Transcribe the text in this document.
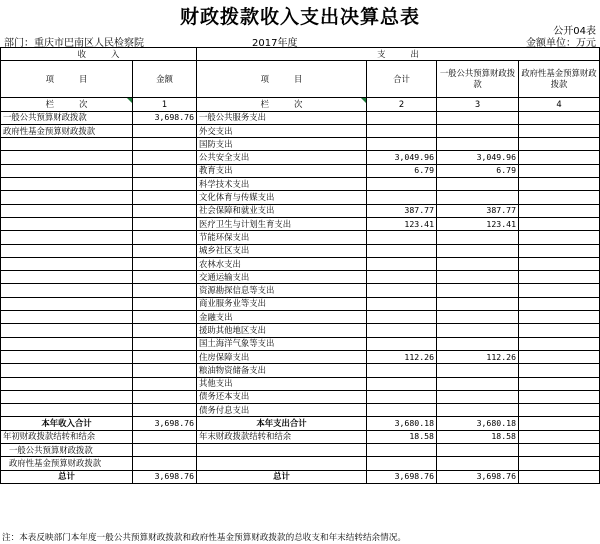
财政拨款收入支出决算总表
公开04表
部门：重庆市巴南区人民检察院	2017年度	金额单位：万元
收　　　入		支　　　出			
项　　　目	金额	项　　　目	合计	一般公共预算财政拨款	政府性基金预算财政拨款
栏　　　次	1	栏　　　次	2	3	4
一般公共预算财政拨款	3,698.76	一般公共服务支出			
政府性基金预算财政拨款		外交支出			
		国防支出			
		公共安全支出	3,049.96	3,049.96	
		教育支出	6.79	6.79	
		科学技术支出			
		文化体育与传媒支出			
		社会保障和就业支出	387.77	387.77	
		医疗卫生与计划生育支出	123.41	123.41	
		节能环保支出			
		城乡社区支出			
		农林水支出			
		交通运输支出			
		资源勘探信息等支出			
		商业服务业等支出			
		金融支出			
		援助其他地区支出			
		国土海洋气象等支出			
		住房保障支出	112.26	112.26	
		粮油物资储备支出			
		其他支出			
		债务还本支出			
		债务付息支出			
本年收入合计	3,698.76	本年支出合计	3,680.18	3,680.18	
年初财政拨款结转和结余		年末财政拨款结转和结余	18.58	18.58	
一般公共预算财政拨款					
政府性基金预算财政拨款					
总计	3,698.76	总计	3,698.76	3,698.76	
注：本表反映部门本年度一般公共预算财政拨款和政府性基金预算财政拨款的总收支和年末结转结余情况。
